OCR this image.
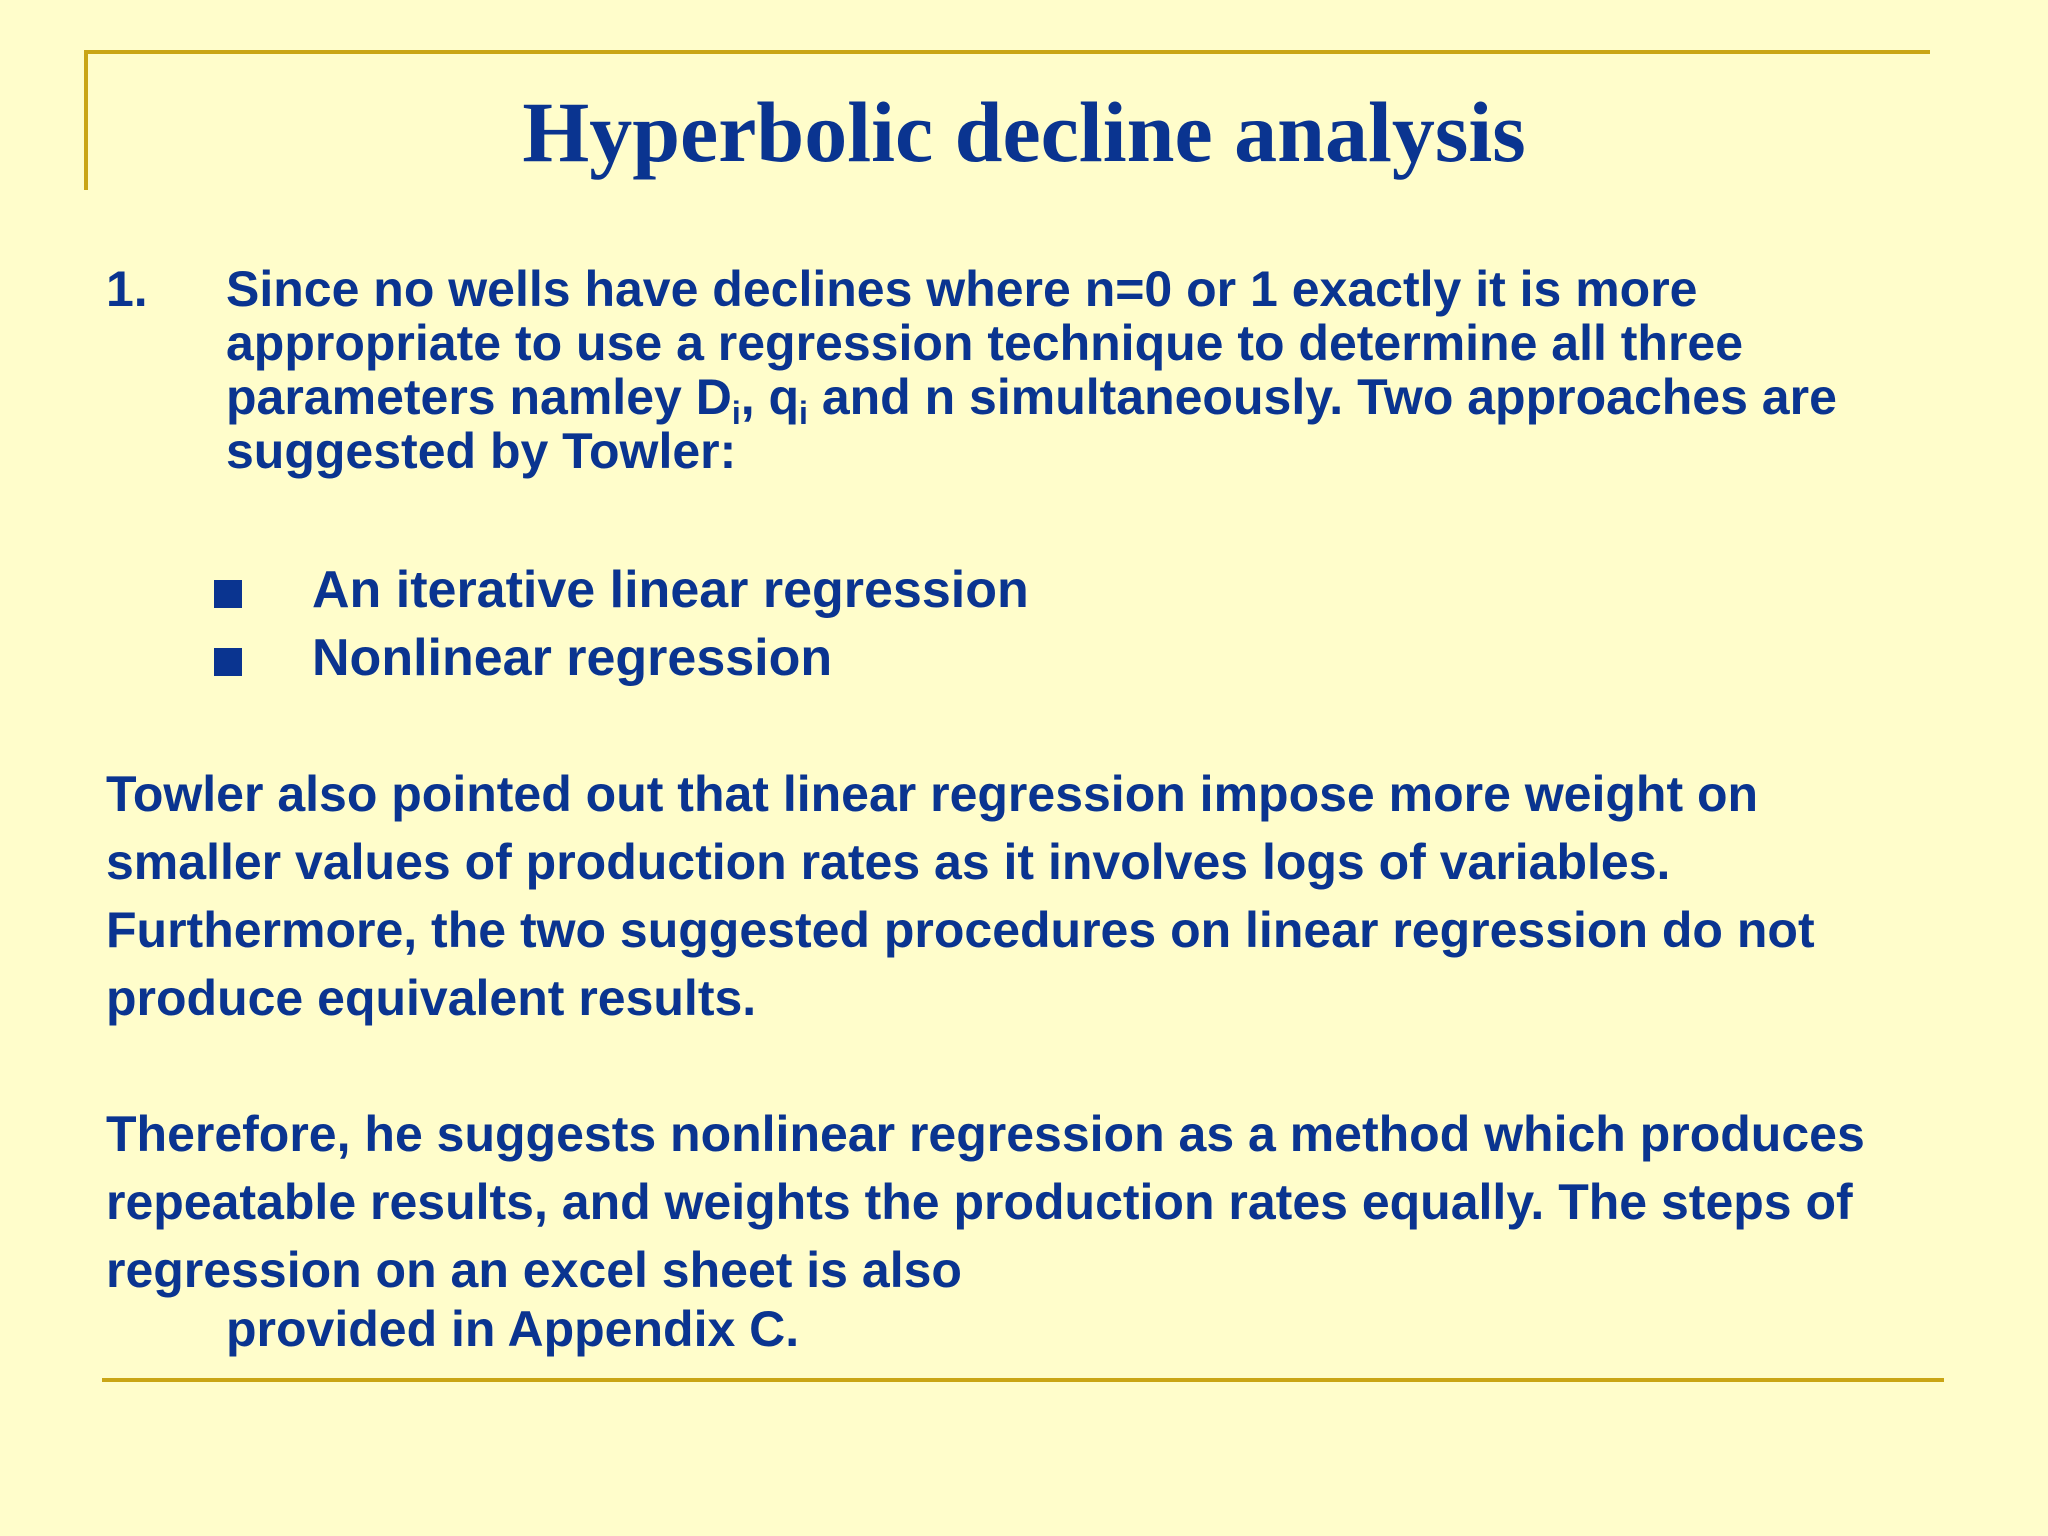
Hyperbolic decline analysis
1. Since no wells have declines where n=0 or 1 exactly it is more appropriate to use a regression technique to determine all three parameters namley $D_i$, $q_i$ and n simultaneously. Two approaches are suggested by Towler:
An iterative linear regression
Nonlinear regression
Towler also pointed out that linear regression impose more weight on smaller values of production rates as it involves logs of variables. Furthermore, the two suggested procedures on linear regression do not produce equivalent results.
Therefore, he suggests nonlinear regression as a method which produces repeatable results, and weights the production rates equally. The steps of regression on an excel sheet is also
provided in Appendix C.
